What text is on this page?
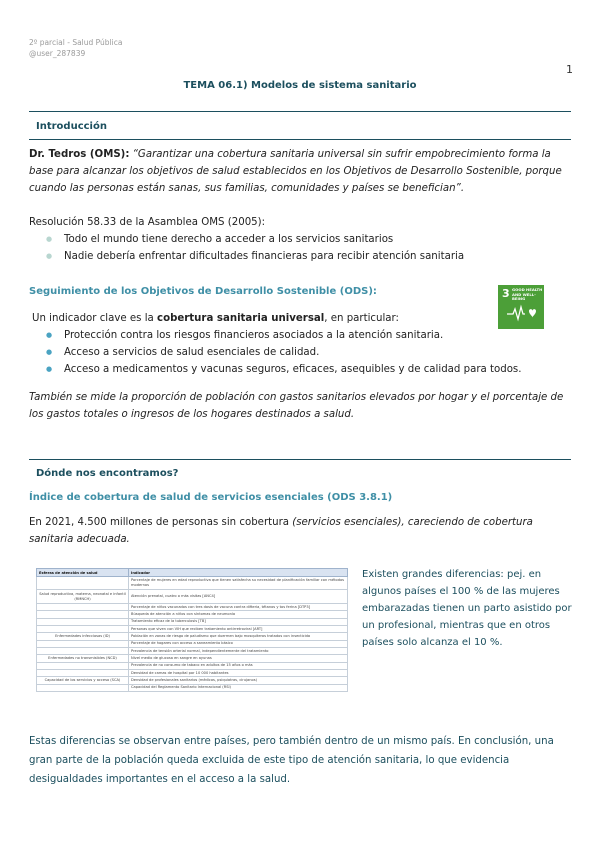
2º parcial - Salud Pública
@user_287839
1
TEMA 06.1) Modelos de sistema sanitario
Introducción
Dr. Tedros (OMS): “Garantizar una cobertura sanitaria universal sin sufrir empobrecimiento forma la base para alcanzar los objetivos de salud establecidos en los Objetivos de Desarrollo Sostenible, porque cuando las personas están sanas, sus familias, comunidades y países se benefician”.
Resolución 58.33 de la Asamblea OMS (2005):
● Todo el mundo tiene derecho a acceder a los servicios sanitarios
● Nadie debería enfrentar dificultades financieras para recibir atención sanitaria
Seguimiento de los Objetivos de Desarrollo Sostenible (ODS):	3 GOOD HEALTH AND WELL-BEING
Un indicador clave es la cobertura sanitaria universal, en particular:
● Protección contra los riesgos financieros asociados a la atención sanitaria.
● Acceso a servicios de salud esenciales de calidad.
● Acceso a medicamentos y vacunas seguros, eficaces, asequibles y de calidad para todos.
También se mide la proporción de población con gastos sanitarios elevados por hogar y el porcentaje de los gastos totales o ingresos de los hogares destinados a salud.
Dónde nos encontramos?
Índice de cobertura de salud de servicios esenciales (ODS 3.8.1)
En 2021, 4.500 millones de personas sin cobertura (servicios esenciales), careciendo de cobertura sanitaria adecuada.
Esferas de atención de salud	Indicador
	Porcentaje de mujeres en edad reproductiva que tienen satisfecha su necesidad de planificación familiar con métodos modernos
Salud reproductiva, materna, neonatal e infantil (RMNCH)	Atención prenatal, cuatro o más visitas [ANC4]
	Porcentaje de niños vacunados con tres dosis de vacuna contra difteria, tétanos y tos ferina [DTP3]
	Búsqueda de atención a niños con síntomas de neumonía
	Tratamiento eficaz de la tuberculosis [TB]
	Personas que viven con VIH que reciben tratamiento antirretroviral [ART]
Enfermedades infecciosas (ID)	Población en zonas de riesgo de paludismo que duermen bajo mosquiteros tratados con insecticida
	Porcentaje de hogares con acceso a saneamiento básico
	Prevalencia de tensión arterial normal, independientemente del tratamiento
Enfermedades no transmisibles (NCD)	Nivel medio de glucosa en sangre en ayunas
	Prevalencia de no consumo de tabaco en adultos de 15 años o más
	Densidad de camas de hospital por 10 000 habitantes
Capacidad de los servicios y acceso (SCA)	Densidad de profesionales sanitarios (médicos, psiquiatras, cirujanos)
	Capacidad del Reglamento Sanitario Internacional (RSI)
Existen grandes diferencias: pej. en algunos países el 100 % de las mujeres embarazadas tienen un parto asistido por un profesional, mientras que en otros países solo alcanza el 10 %.
Estas diferencias se observan entre países, pero también dentro de un mismo país. En conclusión, una gran parte de la población queda excluida de este tipo de atención sanitaria, lo que evidencia desigualdades importantes en el acceso a la salud.
